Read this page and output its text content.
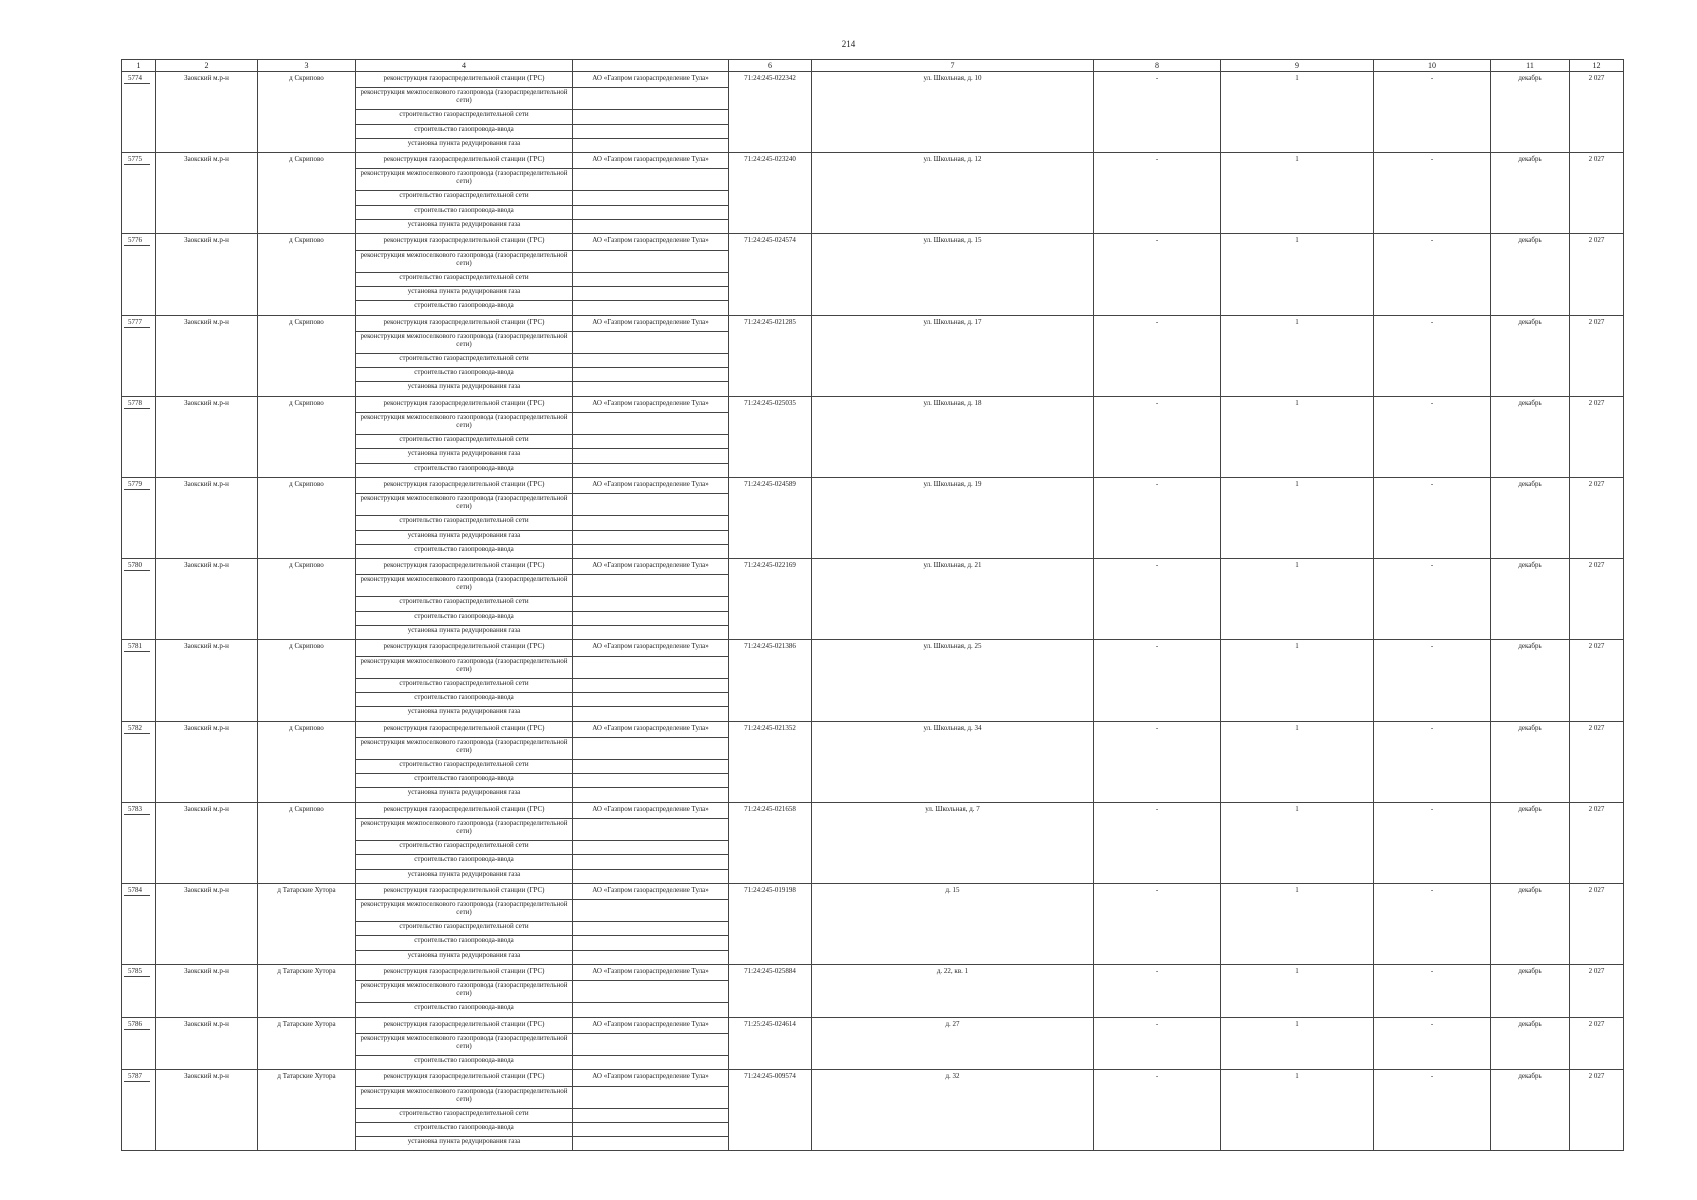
214
1	2	3	4		6	7	8	9	10	11	12
5774	Заокский м.р-н	д Скрипово	реконструкция газораспределительной станции (ГРС)	АО «Газпром газораспределение Тула»	71:24:245-022342	ул. Школьная, д. 10	-	1	-	декабрь	2 027
			реконструкция межпоселкового газопровода (газораспределительной сети)								
			строительство газораспределительной сети								
			строительство газопровода-ввода								
			установка пункта редуцирования газа								
5775	Заокский м.р-н	д Скрипово	реконструкция газораспределительной станции (ГРС)	АО «Газпром газораспределение Тула»	71:24:245-023240	ул. Школьная, д. 12	-	1	-	декабрь	2 027
			реконструкция межпоселкового газопровода (газораспределительной сети)								
			строительство газораспределительной сети								
			строительство газопровода-ввода								
			установка пункта редуцирования газа								
5776	Заокский м.р-н	д Скрипово	реконструкция газораспределительной станции (ГРС)	АО «Газпром газораспределение Тула»	71:24:245-024574	ул. Школьная, д. 15	-	1	-	декабрь	2 027
			реконструкция межпоселкового газопровода (газораспределительной сети)								
			строительство газораспределительной сети								
			установка пункта редуцирования газа								
			строительство газопровода-ввода								
5777	Заокский м.р-н	д Скрипово	реконструкция газораспределительной станции (ГРС)	АО «Газпром газораспределение Тула»	71:24:245-021285	ул. Школьная, д. 17	-	1	-	декабрь	2 027
			реконструкция межпоселкового газопровода (газораспределительной сети)								
			строительство газораспределительной сети								
			строительство газопровода-ввода								
			установка пункта редуцирования газа								
5778	Заокский м.р-н	д Скрипово	реконструкция газораспределительной станции (ГРС)	АО «Газпром газораспределение Тула»	71:24:245-025035	ул. Школьная, д. 18	-	1	-	декабрь	2 027
			реконструкция межпоселкового газопровода (газораспределительной сети)								
			строительство газораспределительной сети								
			установка пункта редуцирования газа								
			строительство газопровода-ввода								
5779	Заокский м.р-н	д Скрипово	реконструкция газораспределительной станции (ГРС)	АО «Газпром газораспределение Тула»	71:24:245-024589	ул. Школьная, д. 19	-	1	-	декабрь	2 027
			реконструкция межпоселкового газопровода (газораспределительной сети)								
			строительство газораспределительной сети								
			установка пункта редуцирования газа								
			строительство газопровода-ввода								
5780	Заокский м.р-н	д Скрипово	реконструкция газораспределительной станции (ГРС)	АО «Газпром газораспределение Тула»	71:24:245-022169	ул. Школьная, д. 21	-	1	-	декабрь	2 027
			реконструкция межпоселкового газопровода (газораспределительной сети)								
			строительство газораспределительной сети								
			строительство газопровода-ввода								
			установка пункта редуцирования газа								
5781	Заокский м.р-н	д Скрипово	реконструкция газораспределительной станции (ГРС)	АО «Газпром газораспределение Тула»	71:24:245-021386	ул. Школьная, д. 25	-	1	-	декабрь	2 027
			реконструкция межпоселкового газопровода (газораспределительной сети)								
			строительство газораспределительной сети								
			строительство газопровода-ввода								
			установка пункта редуцирования газа								
5782	Заокский м.р-н	д Скрипово	реконструкция газораспределительной станции (ГРС)	АО «Газпром газораспределение Тула»	71:24:245-021352	ул. Школьная, д. 34	-	1	-	декабрь	2 027
			реконструкция межпоселкового газопровода (газораспределительной сети)								
			строительство газораспределительной сети								
			строительство газопровода-ввода								
			установка пункта редуцирования газа								
5783	Заокский м.р-н	д Скрипово	реконструкция газораспределительной станции (ГРС)	АО «Газпром газораспределение Тула»	71:24:245-021658	ул. Школьная, д. 7	-	1	-	декабрь	2 027
			реконструкция межпоселкового газопровода (газораспределительной сети)								
			строительство газораспределительной сети								
			строительство газопровода-ввода								
			установка пункта редуцирования газа								
5784	Заокский м.р-н	д Татарские Хутора	реконструкция газораспределительной станции (ГРС)	АО «Газпром газораспределение Тула»	71:24:245-019198	д. 15	-	1	-	декабрь	2 027
			реконструкция межпоселкового газопровода (газораспределительной сети)								
			строительство газораспределительной сети								
			строительство газопровода-ввода								
			установка пункта редуцирования газа								
5785	Заокский м.р-н	д Татарские Хутора	реконструкция газораспределительной станции (ГРС)	АО «Газпром газораспределение Тула»	71:24:245-025884	д. 22, кв. 1	-	1	-	декабрь	2 027
			реконструкция межпоселкового газопровода (газораспределительной сети)								
			строительство газопровода-ввода								
5786	Заокский м.р-н	д Татарские Хутора	реконструкция газораспределительной станции (ГРС)	АО «Газпром газораспределение Тула»	71:25:245-024614	д. 27	-	1	-	декабрь	2 027
			реконструкция межпоселкового газопровода (газораспределительной сети)								
			строительство газопровода-ввода								
5787	Заокский м.р-н	д Татарские Хутора	реконструкция газораспределительной станции (ГРС)	АО «Газпром газораспределение Тула»	71:24:245-009574	д. 32	-	1	-	декабрь	2 027
			реконструкция межпоселкового газопровода (газораспределительной сети)								
			строительство газораспределительной сети								
			строительство газопровода-ввода								
			установка пункта редуцирования газа								
